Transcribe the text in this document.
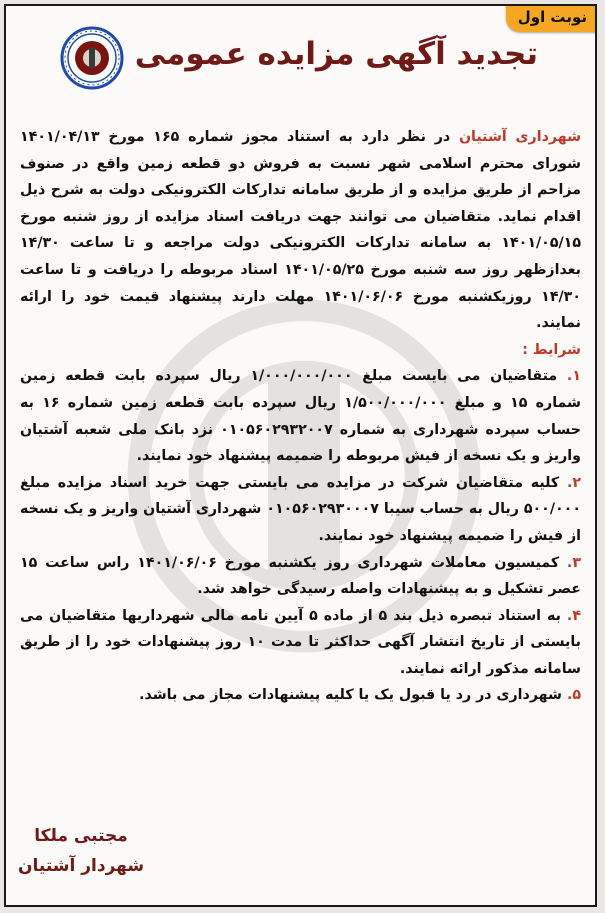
نوبت اول
تجدید آگهی مزایده عمومی

شهرداری آشتیان در نظر دارد به استناد مجوز شماره ۱۶۵ مورخ ۱۴۰۱/۰۴/۱۳ شورای محترم اسلامی شهر نسبت به فروش دو قطعه زمین واقع در صنوف مزاحم از طریق مزایده و از طریق سامانه تدارکات الکترونیکی دولت به شرح ذیل اقدام نماید. متقاضیان می توانند جهت دریافت اسناد مزایده از روز شنبه مورخ ۱۴۰۱/۰۵/۱۵ به سامانه تدارکات الکترونیکی دولت مراجعه و تا ساعت ۱۴/۳۰ بعدازظهر روز سه شنبه مورخ ۱۴۰۱/۰۵/۲۵ اسناد مربوطه را دریافت و تا ساعت ۱۴/۳۰ روزیکشنبه مورخ ۱۴۰۱/۰۶/۰۶ مهلت دارند پیشنهاد قیمت خود را ارائه نمایند.

شرایط :

۱. متقاضیان می بایست مبلغ ۱/۰۰۰/۰۰۰/۰۰۰ ریال سپرده بابت قطعه زمین شماره ۱۵ و مبلغ ۱/۵۰۰/۰۰۰/۰۰۰ ریال سپرده بابت قطعه زمین شماره ۱۶ به حساب سپرده شهرداری به شماره ۰۱۰۵۶۰۲۹۳۲۰۰۷ نزد بانک ملی شعبه آشتیان واریز و یک نسخه از فیش مربوطه را ضمیمه پیشنهاد خود نمایند.

۲. کلیه متقاضیان شرکت در مزایده می بایستی جهت خرید اسناد مزایده مبلغ ۵۰۰/۰۰۰ ریال به حساب سیبا ۰۱۰۵۶۰۲۹۳۰۰۰۷ شهرداری آشتیان واریز و یک نسخه از فیش را ضمیمه پیشنهاد خود نمایند.

۳. کمیسیون معاملات شهرداری روز یکشنبه مورخ ۱۴۰۱/۰۶/۰۶ راس ساعت ۱۵ عصر تشکیل و به پیشنهادات واصله رسیدگی خواهد شد.

۴. به استناد تبصره ذیل بند ۵ از ماده ۵ آیین نامه مالی شهرداریها متقاضیان می بایستی از تاریخ انتشار آگهی حداکثر تا مدت ۱۰ روز پیشنهادات خود را از طریق سامانه مذکور ارائه نمایند.

۵. شهرداری در رد یا قبول یک یا کلیه پیشنهادات مجاز می باشد.

مجتبی ملکا
شهردار آشتیان
